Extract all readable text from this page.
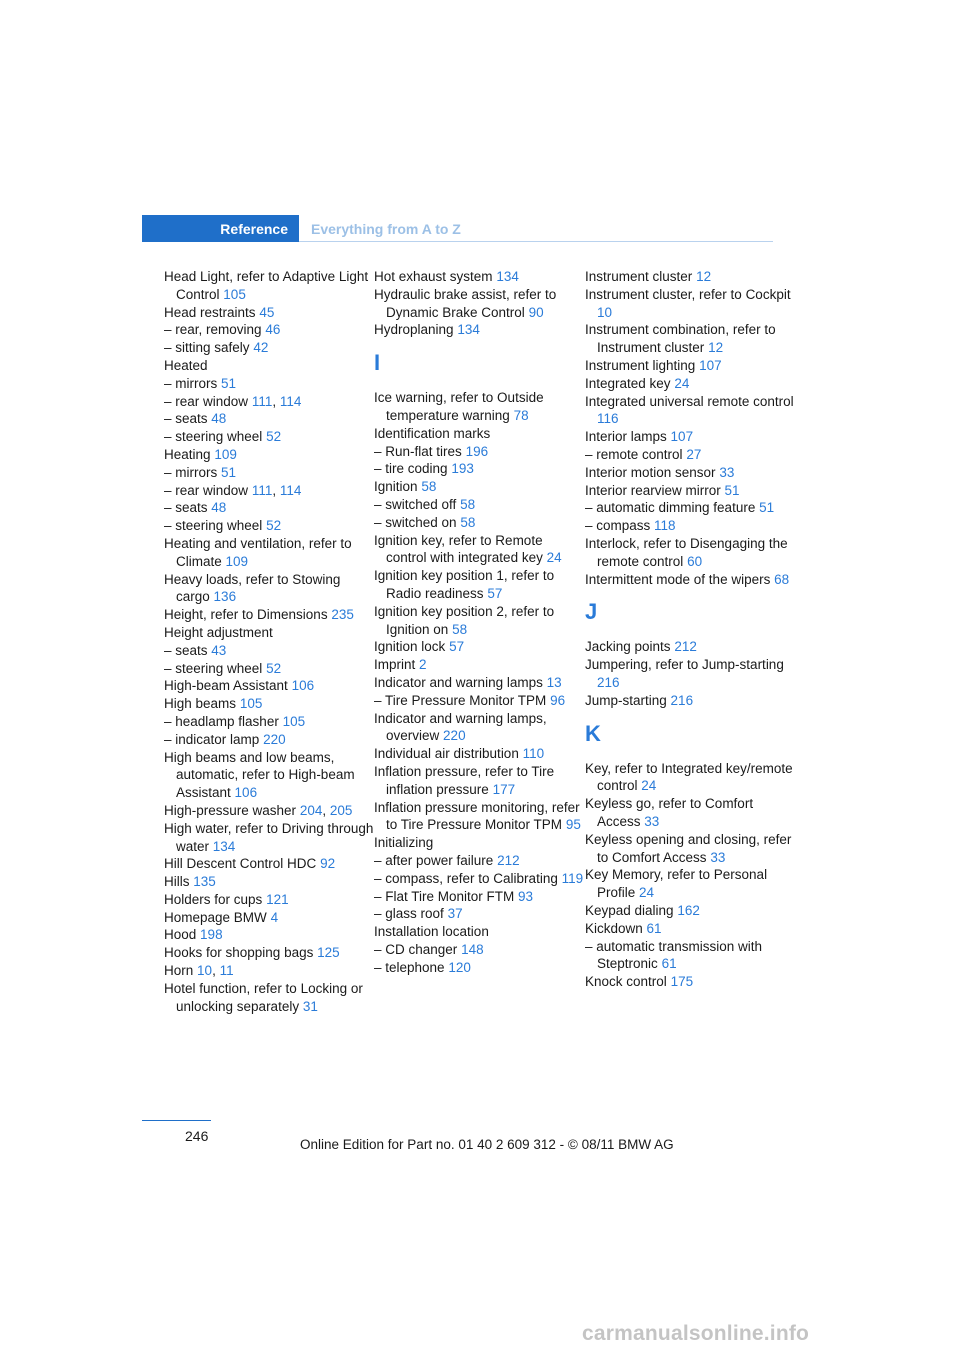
Reference Everything from A to Z
Head Light, refer to Adaptive Light Control 105
Head restraints 45
– rear, removing 46
– sitting safely 42
Heated
– mirrors 51
– rear window 111, 114
– seats 48
– steering wheel 52
Heating 109
– mirrors 51
– rear window 111, 114
– seats 48
– steering wheel 52
Heating and ventilation, refer to Climate 109
Heavy loads, refer to Stowing cargo 136
Height, refer to Dimensions 235
Height adjustment
– seats 43
– steering wheel 52
High-beam Assistant 106
High beams 105
– headlamp flasher 105
– indicator lamp 220
High beams and low beams, automatic, refer to High-beam Assistant 106
High-pressure washer 204, 205
High water, refer to Driving through water 134
Hill Descent Control HDC 92
Hills 135
Holders for cups 121
Homepage BMW 4
Hood 198
Hooks for shopping bags 125
Horn 10, 11
Hotel function, refer to Locking or unlocking separately 31
Hot exhaust system 134
Hydraulic brake assist, refer to Dynamic Brake Control 90
Hydroplaning 134
I
Ice warning, refer to Outside temperature warning 78
Identification marks
– Run-flat tires 196
– tire coding 193
Ignition 58
– switched off 58
– switched on 58
Ignition key, refer to Remote control with integrated key 24
Ignition key position 1, refer to Radio readiness 57
Ignition key position 2, refer to Ignition on 58
Ignition lock 57
Imprint 2
Indicator and warning lamps 13
– Tire Pressure Monitor TPM 96
Indicator and warning lamps, overview 220
Individual air distribution 110
Inflation pressure, refer to Tire inflation pressure 177
Inflation pressure monitoring, refer to Tire Pressure Monitor TPM 95
Initializing
– after power failure 212
– compass, refer to Calibrating 119
– Flat Tire Monitor FTM 93
– glass roof 37
Installation location
– CD changer 148
– telephone 120
Instrument cluster 12
Instrument cluster, refer to Cockpit 10
Instrument combination, refer to Instrument cluster 12
Instrument lighting 107
Integrated key 24
Integrated universal remote control 116
Interior lamps 107
– remote control 27
Interior motion sensor 33
Interior rearview mirror 51
– automatic dimming feature 51
– compass 118
Interlock, refer to Disengaging the remote control 60
Intermittent mode of the wipers 68
J
Jacking points 212
Jumpering, refer to Jump-starting 216
Jump-starting 216
K
Key, refer to Integrated key/remote control 24
Keyless go, refer to Comfort Access 33
Keyless opening and closing, refer to Comfort Access 33
Key Memory, refer to Personal Profile 24
Keypad dialing 162
Kickdown 61
– automatic transmission with Steptronic 61
Knock control 175
246
Online Edition for Part no. 01 40 2 609 312 - © 08/11 BMW AG
carmanualsonline.info
